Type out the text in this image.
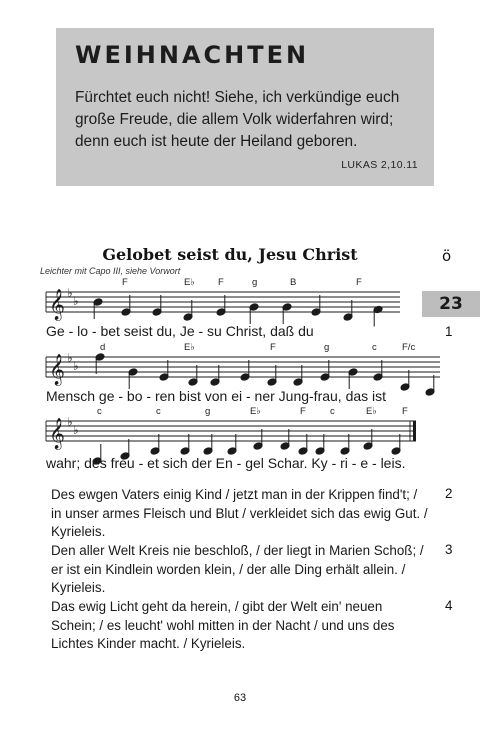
WEIHNACHTEN
Fürchtet euch nicht! Siehe, ich verkündige euch
große Freude, die allem Volk widerfahren wird;
denn euch ist heute der Heiland geboren.
LUKAS 2,10.11
Gelobet seist du, Jesu Christ	ö
23
Leichter mit Capo III, siehe Vorwort
F	E♭ F	g	B	F
d	E♭	F	g	c	F/c
c	c	g	E♭	F	c	E♭	F
𝄞
𝄞
𝄞
♭
♭
♭
♭
♭
♭
Ge - lo - bet seist du, Je - su Christ, daß du	1
Mensch ge - bo - ren bist von ei - ner Jung-frau, das ist
wahr; des freu - et sich der En - gel Schar. Ky - ri - e - leis.
Des ewgen Vaters einig Kind / jetzt man in der Krippen find't; /
in unser armes Fleisch und Blut / verkleidet sich das ewig Gut. /
Kyrieleis.
2
Den aller Welt Kreis nie beschloß, / der liegt in Marien Schoß; /
er ist ein Kindlein worden klein, / der alle Ding erhält allein. /
Kyrieleis.
3
Das ewig Licht geht da herein, / gibt der Welt ein' neuen
Schein; / es leucht' wohl mitten in der Nacht / und uns des
Lichtes Kinder macht. / Kyrieleis.
4
63
